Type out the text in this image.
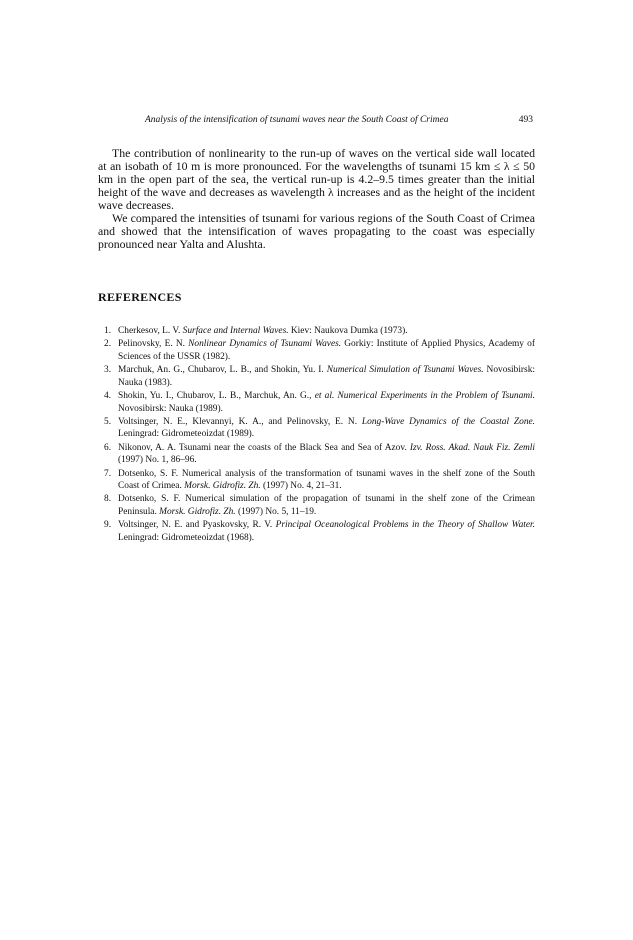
Analysis of the intensification of tsunami waves near the South Coast of Crimea	493

The contribution of nonlinearity to the run-up of waves on the vertical side wall located at an isobath of 10 m is more pronounced. For the wavelengths of tsunami 15 km ≤ λ ≤ 50 km in the open part of the sea, the vertical run-up is 4.2–9.5 times greater than the initial height of the wave and decreases as wavelength λ increases and as the height of the incident wave decreases.

We compared the intensities of tsunami for various regions of the South Coast of Crimea and showed that the intensification of waves propagating to the coast was especially pronounced near Yalta and Alushta.

REFERENCES
1. Cherkesov, L. V. Surface and Internal Waves. Kiev: Naukova Dumka (1973).
2. Pelinovsky, E. N. Nonlinear Dynamics of Tsunami Waves. Gorkiy: Institute of Applied Physics, Academy of Sciences of the USSR (1982).
3. Marchuk, An. G., Chubarov, L. B., and Shokin, Yu. I. Numerical Simulation of Tsunami Waves. Novosibirsk: Nauka (1983).
4. Shokin, Yu. I., Chubarov, L. B., Marchuk, An. G., et al. Numerical Experiments in the Problem of Tsunami. Novosibirsk: Nauka (1989).
5. Voltsinger, N. E., Klevannyi, K. A., and Pelinovsky, E. N. Long-Wave Dynamics of the Coastal Zone. Leningrad: Gidrometeoizdat (1989).
6. Nikonov, A. A. Tsunami near the coasts of the Black Sea and Sea of Azov. Izv. Ross. Akad. Nauk Fiz. Zemli (1997) No. 1, 86–96.
7. Dotsenko, S. F. Numerical analysis of the transformation of tsunami waves in the shelf zone of the South Coast of Crimea. Morsk. Gidrofiz. Zh. (1997) No. 4, 21–31.
8. Dotsenko, S. F. Numerical simulation of the propagation of tsunami in the shelf zone of the Crimean Peninsula. Morsk. Gidrofiz. Zh. (1997) No. 5, 11–19.
9. Voltsinger, N. E. and Pyaskovsky, R. V. Principal Oceanological Problems in the Theory of Shallow Water. Leningrad: Gidrometeoizdat (1968).
